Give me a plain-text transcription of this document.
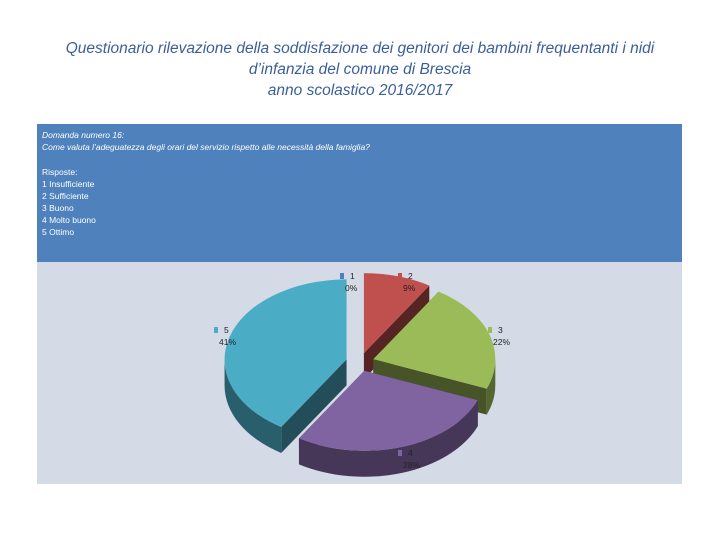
Questionario rilevazione della soddisfazione dei genitori dei bambini frequentanti i nidi
d’infanzia del comune di Brescia
anno scolastico 2016/2017
Domanda numero 16:
Come valuta l’adeguatezza degli orari del servizio rispetto alle necessità della famiglia?
Risposte:
1 Insufficiente
2 Sufficiente
3 Buono
4 Molto buono
5 Ottimo
1
0%
2
9%
3
22%
4
28%
5
41%
